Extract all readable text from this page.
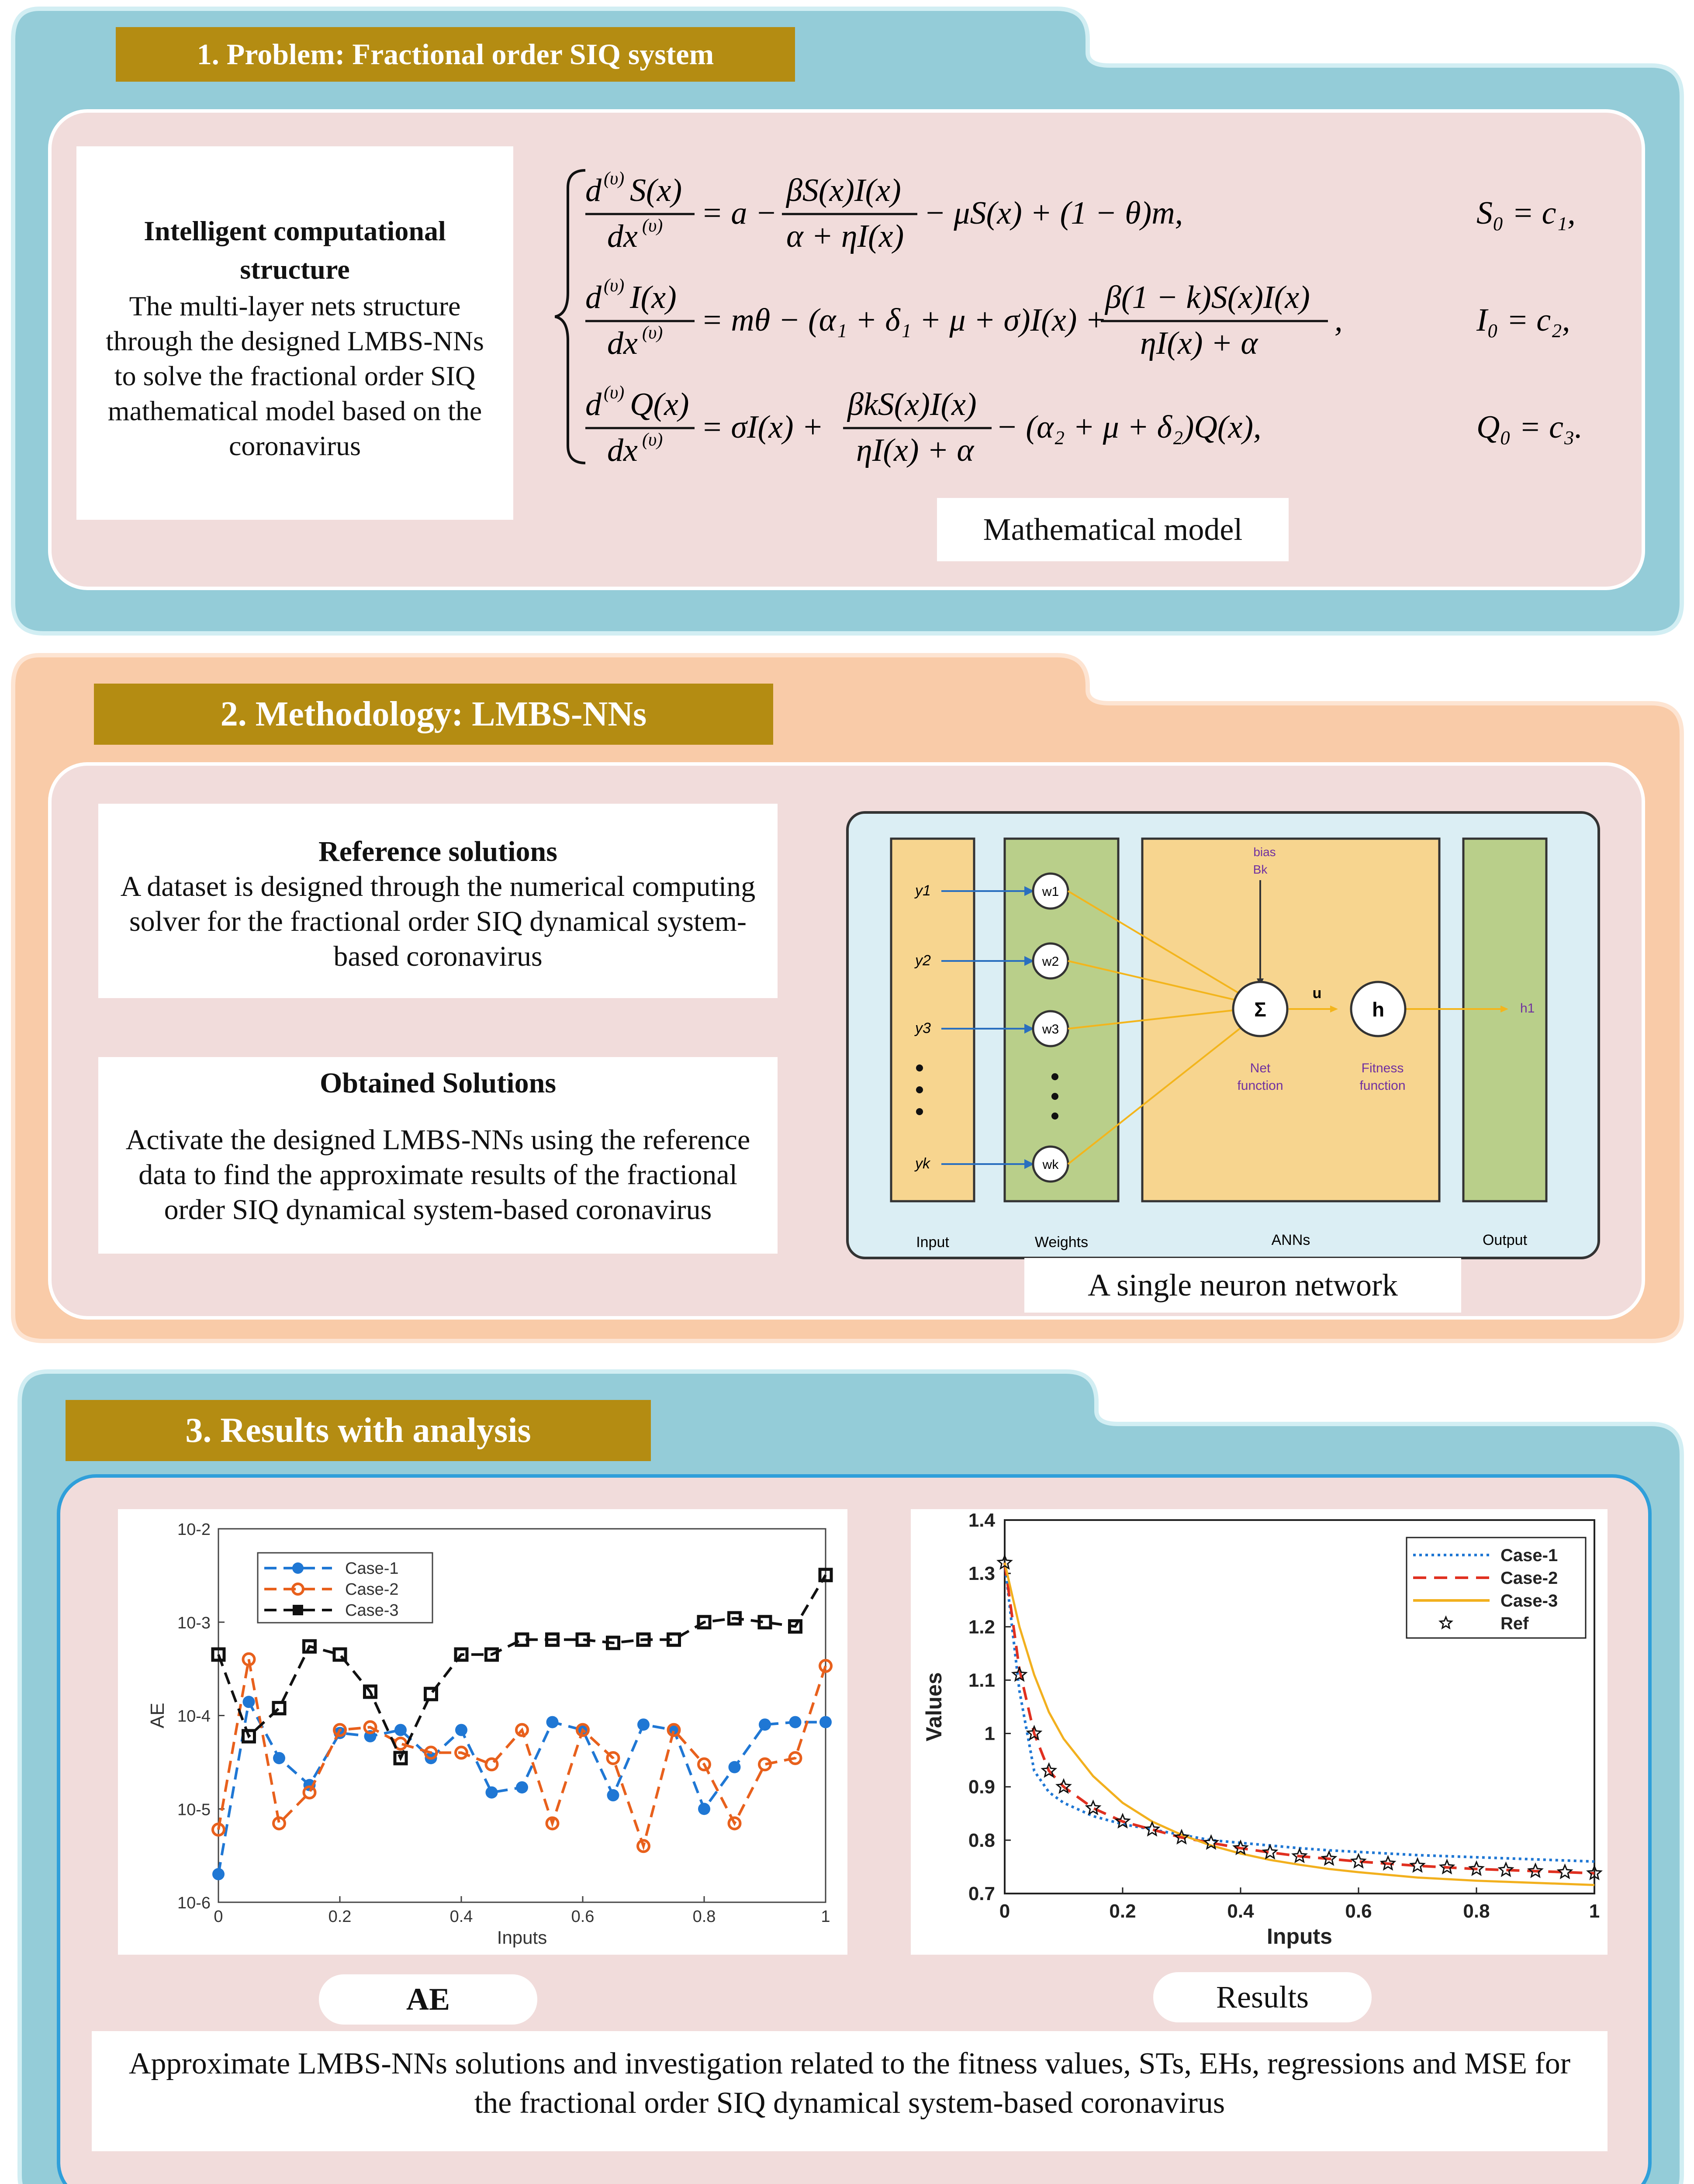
1. Problem: Fractional order SIQ system
Intelligent computational structure
The multi-layer nets structure through the designed LMBS-NNs to solve the fractional order SIQ mathematical model based on the coronavirus
d (υ) S(x)
dx (υ) = a −
βS(x)I(x)
α + ηI(x)
− μS(x) + (1 − θ)m,	S₀ = c₁,
d (υ) I(x)
dx (υ) = mθ − (α₁ + δ₁ + μ + σ)I(x) +
β(1 − k)S(x)I(x)
ηI(x) + α
,	I₀ = c₂,
d (υ) Q(x)
dx (υ) = σI(x) +
βkS(x)I(x)
ηI(x) + α
− (α₂ + μ + δ₂)Q(x),	Q₀ = c₃.
Mathematical model
2. Methodology: LMBS-NNs
Reference solutions
A dataset is designed through the numerical computing solver for the fractional order SIQ dynamical system-based coronavirus
Obtained Solutions
Activate the designed LMBS-NNs using the reference data to find the approximate results of the fractional order SIQ dynamical system-based coronavirus
y1
y2
y3
yk
w1
w2
w3
wk
bias
Bk
Σ
u
h	h1
Net
function
Fitness
function
Input	Weights	ANNs	Output
A single neuron network
3. Results with analysis
0	0.2	0.4	0.6	0.8	1
10-6
10-5
10-4
10-3
10-2
Inputs
AE
Case-1
Case-2
Case-3
0	0.2	0.4	0.6	0.8	1
0.7
0.8
0.9
1
1.1
1.2
1.3
1.4
Inputs
Values
Case-1
Case-2
Case-3
Ref
AE	Results
Approximate LMBS-NNs solutions and investigation related to the fitness values, STs, EHs, regressions and MSE for the fractional order SIQ dynamical system-based coronavirus
